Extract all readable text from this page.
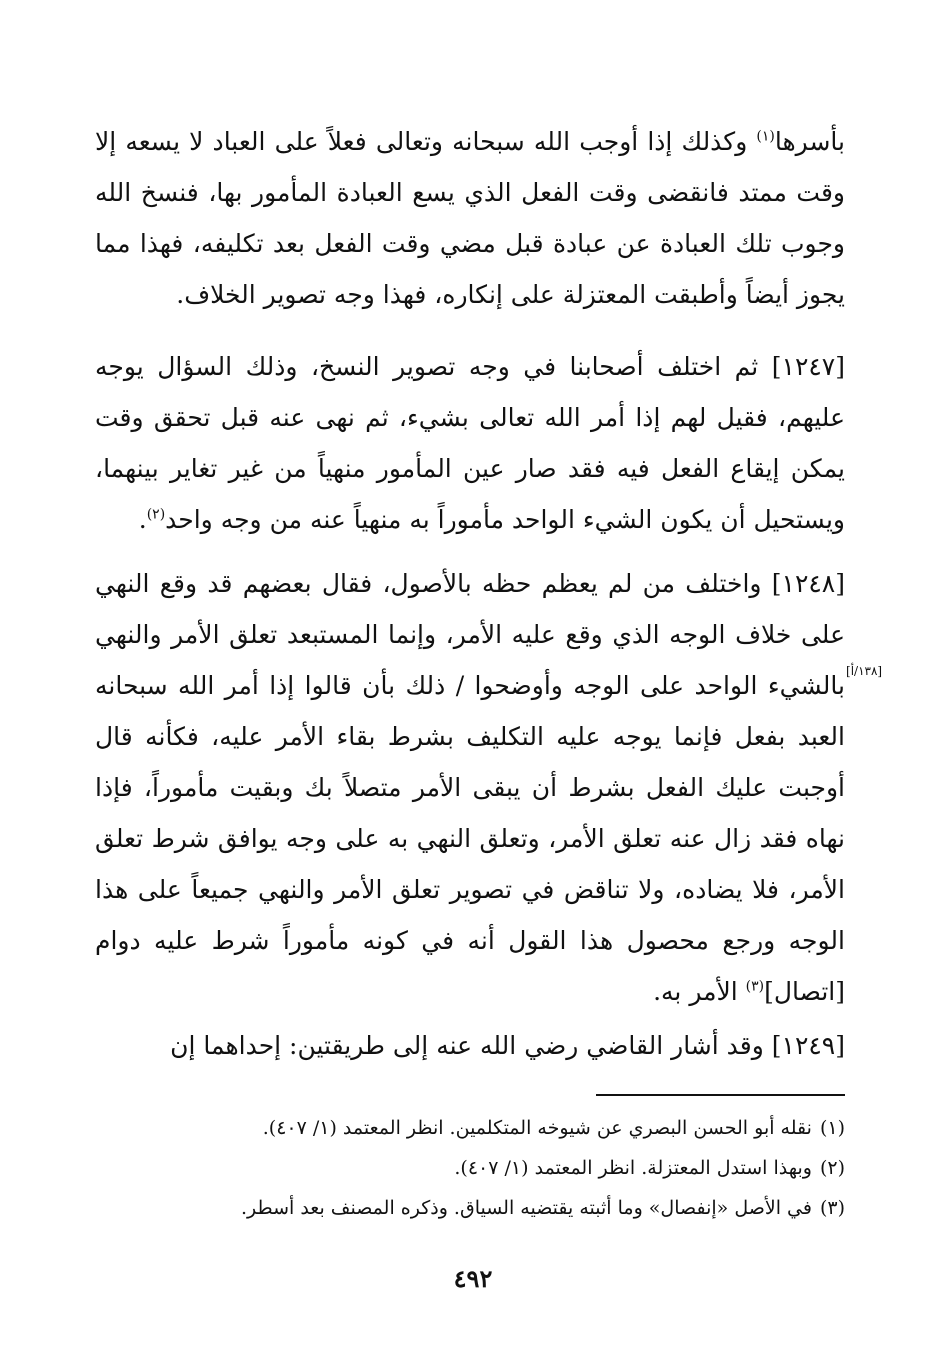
بأسرها$^{(١)}$ وكذلك إذا أوجب الله سبحانه وتعالى فعلاً على العباد لا يسعه إلا وقت ممتد فانقضى وقت الفعل الذي يسع العبادة المأمور بها، فنسخ الله وجوب تلك العبادة عن عبادة قبل مضي وقت الفعل بعد تكليفه، فهذا مما يجوز أيضاً وأطبقت المعتزلة على إنكاره، فهذا وجه تصوير الخلاف.
[١٢٤٧] ثم اختلف أصحابنا في وجه تصوير النسخ، وذلك السؤال يوجه عليهم، فقيل لهم إذا أمر الله تعالى بشيء، ثم نهى عنه قبل تحقق وقت يمكن إيقاع الفعل فيه فقد صار عين المأمور منهياً من غير تغاير بينهما، ويستحيل أن يكون الشيء الواحد مأموراً به منهياً عنه من وجه واحد$^{(٢)}$.
[١٢٤٨] واختلف من لم يعظم حظه بالأصول، فقال بعضهم قد وقع النهي على خلاف الوجه الذي وقع عليه الأمر، وإنما المستبعد تعلق الأمر والنهي بالشيء الواحد على الوجه وأوضحوا / ذلك بأن قالوا إذا أمر الله سبحانه العبد بفعل فإنما يوجه عليه التكليف بشرط بقاء الأمر عليه، فكأنه قال أوجبت عليك الفعل بشرط أن يبقى الأمر متصلاً بك وبقيت مأموراً، فإذا نهاه فقد زال عنه تعلق الأمر، وتعلق النهي به على وجه يوافق شرط تعلق الأمر، فلا يضاده، ولا تناقض في تصوير تعلق الأمر والنهي جميعاً على هذا الوجه ورجع محصول هذا القول أنه في كونه مأموراً شرط عليه دوام [اتصال]$^{(٣)}$ الأمر به.
[١٣٨/أ]
[١٢٤٩] وقد أشار القاضي رضي الله عنه إلى طريقتين: إحداهما إن
(١)نقله أبو الحسن البصري عن شيوخه المتكلمين. انظر المعتمد (١/ ٤٠٧).
(٢)وبهذا استدل المعتزلة. انظر المعتمد (١/ ٤٠٧).
(٣)في الأصل «إنفصال» وما أثبته يقتضيه السياق. وذكره المصنف بعد أسطر.
٤٩٢
